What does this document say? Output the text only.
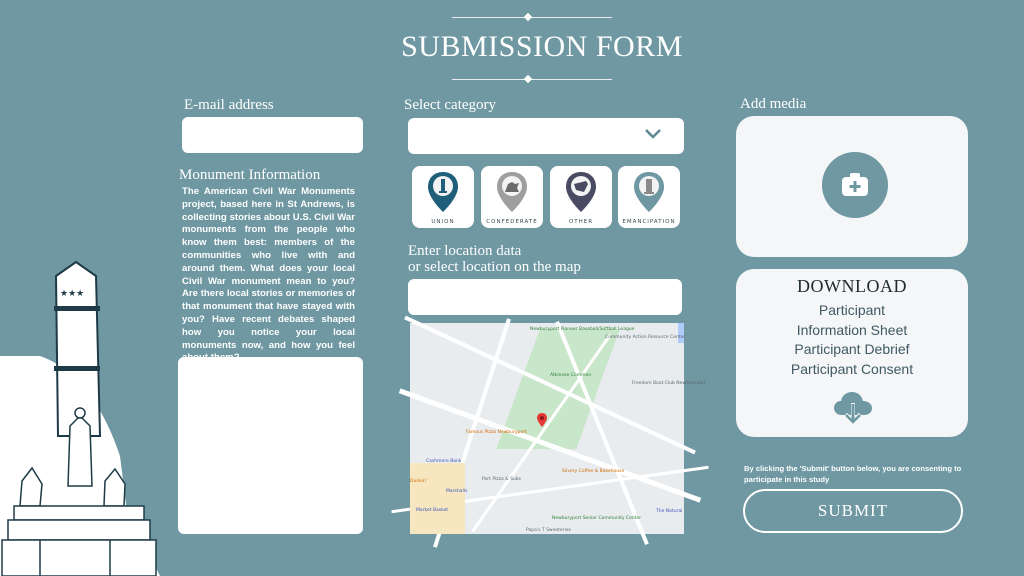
SUBMISSION FORM
E-mail address
Monument Information
The American Civil War Monuments project, based here in St Andrews, is collecting stories about U.S. Civil War monuments from the people who know them best: members of the communities who live with and around them. What does your local Civil War monument mean to you? Are there local stories or memories of that monument that have stayed with you? Have recent debates shaped how you notice your local monuments now, and how you feel
Select category
UNION	CONFEDERATE	OTHER	EMANCIPATION
Enter location data
or select location on the map
Newburyport Pioneer Baseball/Softball League
Community Action Resource Center
Atkinson Common
Freedom Boat Club Newburyport
Famous Pizza Newburyport
Cashmere Bank
Port Pizza & Subs
Marshalls
Market Basket
Dunkin'
Silvery Coffee & Bakehouse
Newburyport Senior Community Center
The Natural
Papa's T Sweeteries
Add media
DOWNLOAD
Participant
Information Sheet
Participant Debrief
Participant Consent
By clicking the 'Submit' button below, you are consenting to participate in this study
SUBMIT
★★★
